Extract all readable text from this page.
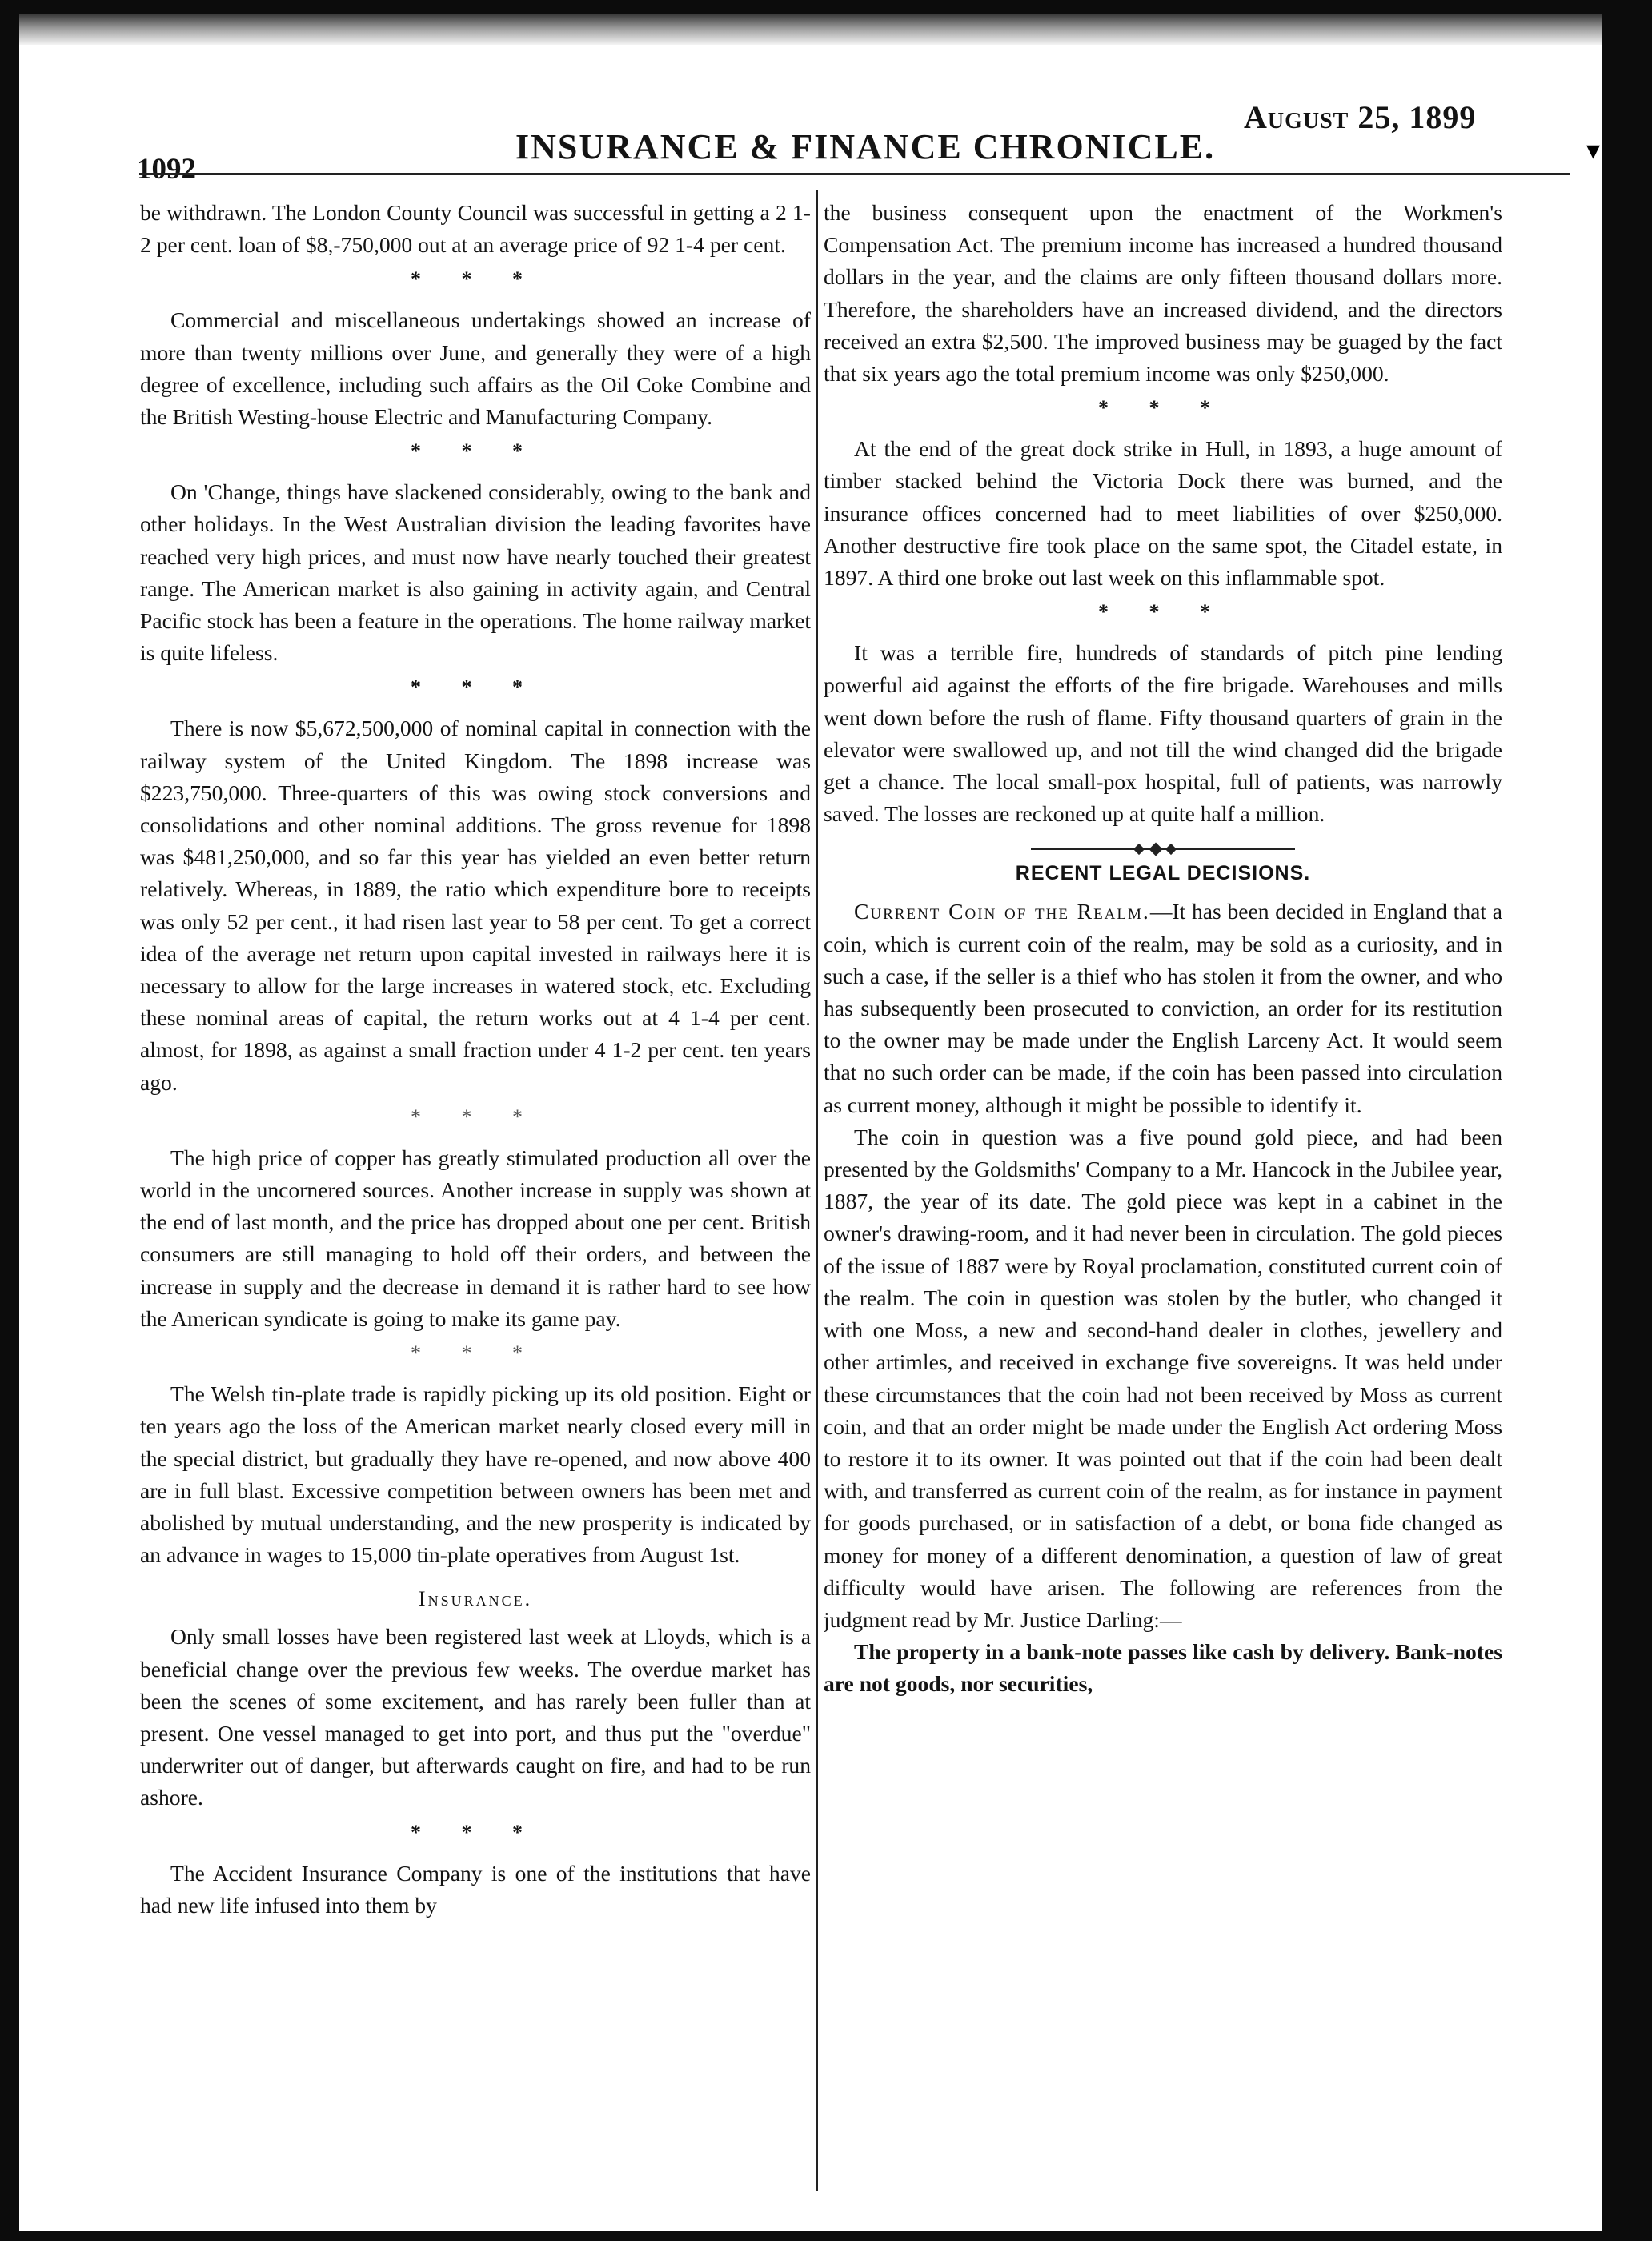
1092
INSURANCE & FINANCE CHRONICLE.
August 25, 1899

be withdrawn. The London County Council was successful in getting a 2 1-2 per cent. loan of $8,-750,000 out at an average price of 92 1-4 per cent.

* * *

Commercial and miscellaneous undertakings showed an increase of more than twenty millions over June, and generally they were of a high degree of excellence, including such affairs as the Oil Coke Combine and the British Westing-house Electric and Manufacturing Company.

* * *

On 'Change, things have slackened considerably, owing to the bank and other holidays. In the West Australian division the leading favorites have reached very high prices, and must now have nearly touched their greatest range. The American market is also gaining in activity again, and Central Pacific stock has been a feature in the operations. The home railway market is quite lifeless.

* * *

There is now $5,672,500,000 of nominal capital in connection with the railway system of the United Kingdom. The 1898 increase was $223,750,000. Three-quarters of this was owing stock conversions and consolidations and other nominal additions. The gross revenue for 1898 was $481,250,000, and so far this year has yielded an even better return relatively. Whereas, in 1889, the ratio which expenditure bore to receipts was only 52 per cent., it had risen last year to 58 per cent. To get a correct idea of the average net return upon capital invested in railways here it is necessary to allow for the large increases in watered stock, etc. Excluding these nominal areas of capital, the return works out at 4 1-4 per cent. almost, for 1898, as against a small fraction under 4 1-2 per cent. ten years ago.

* * *

The high price of copper has greatly stimulated production all over the world in the uncornered sources. Another increase in supply was shown at the end of last month, and the price has dropped about one per cent. British consumers are still managing to hold off their orders, and between the increase in supply and the decrease in demand it is rather hard to see how the American syndicate is going to make its game pay.

* * *

The Welsh tin-plate trade is rapidly picking up its old position. Eight or ten years ago the loss of the American market nearly closed every mill in the special district, but gradually they have re-opened, and now above 400 are in full blast. Excessive competition between owners has been met and abolished by mutual understanding, and the new prosperity is indicated by an advance in wages to 15,000 tin-plate operatives from August 1st.

Insurance.

Only small losses have been registered last week at Lloyds, which is a beneficial change over the previous few weeks. The overdue market has been the scenes of some excitement, and has rarely been fuller than at present. One vessel managed to get into port, and thus put the "overdue" underwriter out of danger, but afterwards caught on fire, and had to be run ashore.

* * *

The Accident Insurance Company is one of the institutions that have had new life infused into them by

the business consequent upon the enactment of the Workmen's Compensation Act. The premium income has increased a hundred thousand dollars in the year, and the claims are only fifteen thousand dollars more. Therefore, the shareholders have an increased dividend, and the directors received an extra $2,500. The improved business may be guaged by the fact that six years ago the total premium income was only $250,000.

* * *

At the end of the great dock strike in Hull, in 1893, a huge amount of timber stacked behind the Victoria Dock there was burned, and the insurance offices concerned had to meet liabilities of over $250,000. Another destructive fire took place on the same spot, the Citadel estate, in 1897. A third one broke out last week on this inflammable spot.

* * *

It was a terrible fire, hundreds of standards of pitch pine lending powerful aid against the efforts of the fire brigade. Warehouses and mills went down before the rush of flame. Fifty thousand quarters of grain in the elevator were swallowed up, and not till the wind changed did the brigade get a chance. The local small-pox hospital, full of patients, was narrowly saved. The losses are reckoned up at quite half a million.

RECENT LEGAL DECISIONS.

Current Coin of the Realm.—It has been decided in England that a coin, which is current coin of the realm, may be sold as a curiosity, and in such a case, if the seller is a thief who has stolen it from the owner, and who has subsequently been prosecuted to conviction, an order for its restitution to the owner may be made under the English Larceny Act. It would seem that no such order can be made, if the coin has been passed into circulation as current money, although it might be possible to identify it.

The coin in question was a five pound gold piece, and had been presented by the Goldsmiths' Company to a Mr. Hancock in the Jubilee year, 1887, the year of its date. The gold piece was kept in a cabinet in the owner's drawing-room, and it had never been in circulation. The gold pieces of the issue of 1887 were by Royal proclamation, constituted current coin of the realm. The coin in question was stolen by the butler, who changed it with one Moss, a new and second-hand dealer in clothes, jewellery and other artimles, and received in exchange five sovereigns. It was held under these circumstances that the coin had not been received by Moss as current coin, and that an order might be made under the English Act ordering Moss to restore it to its owner. It was pointed out that if the coin had been dealt with, and transferred as current coin of the realm, as for instance in payment for goods purchased, or in satisfaction of a debt, or bona fide changed as money for money of a different denomination, a question of law of great difficulty would have arisen. The following are references from the judgment read by Mr. Justice Darling:—

The property in a bank-note passes like cash by delivery. Bank-notes are not goods, nor securities,

▾
